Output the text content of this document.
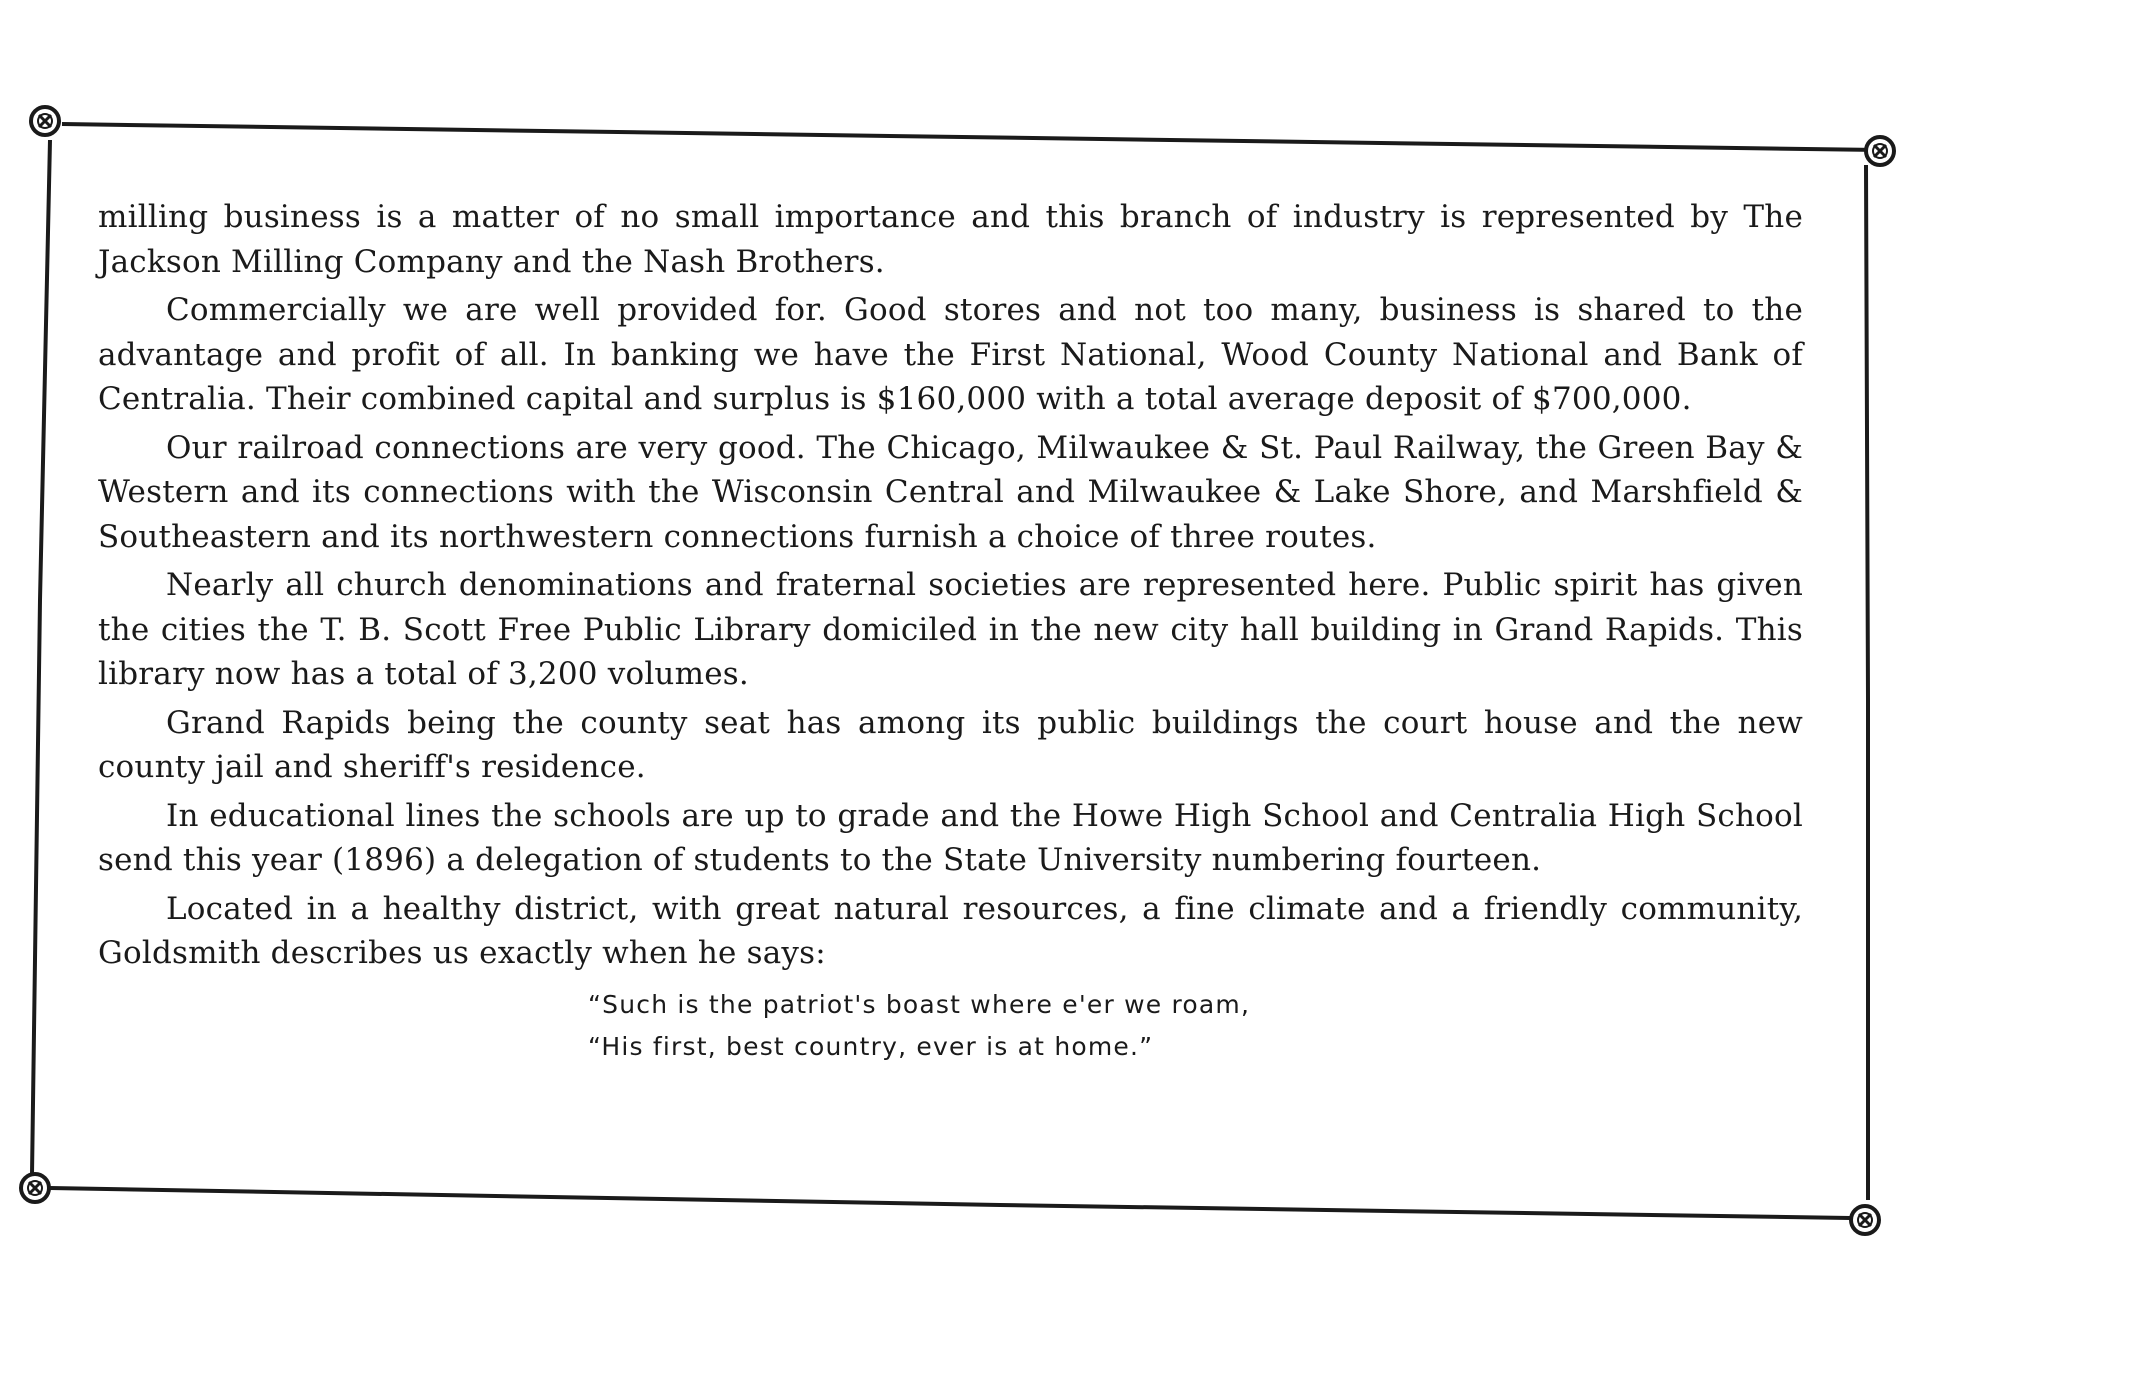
milling business is a matter of no small importance and this branch of industry is represented by The Jackson Milling Company and the Nash Brothers.

Commercially we are well provided for. Good stores and not too many, business is shared to the advantage and profit of all. In banking we have the First National, Wood County National and Bank of Centralia. Their combined capital and surplus is $160,000 with a total average deposit of $700,000.

Our railroad connections are very good. The Chicago, Milwaukee & St. Paul Railway, the Green Bay & Western and its connections with the Wisconsin Central and Milwaukee & Lake Shore, and Marshfield & Southeastern and its northwestern connections furnish a choice of three routes.

Nearly all church denominations and fraternal societies are represented here. Public spirit has given the cities the T. B. Scott Free Public Library domiciled in the new city hall building in Grand Rapids. This library now has a total of 3,200 volumes.

Grand Rapids being the county seat has among its public buildings the court house and the new county jail and sheriff's residence.

In educational lines the schools are up to grade and the Howe High School and Centralia High School send this year (1896) a delegation of students to the State University numbering fourteen.

Located in a healthy district, with great natural resources, a fine climate and a friendly community, Goldsmith describes us exactly when he says:

“Such is the patriot's boast where e'er we roam,
“His first, best country, ever is at home.”
